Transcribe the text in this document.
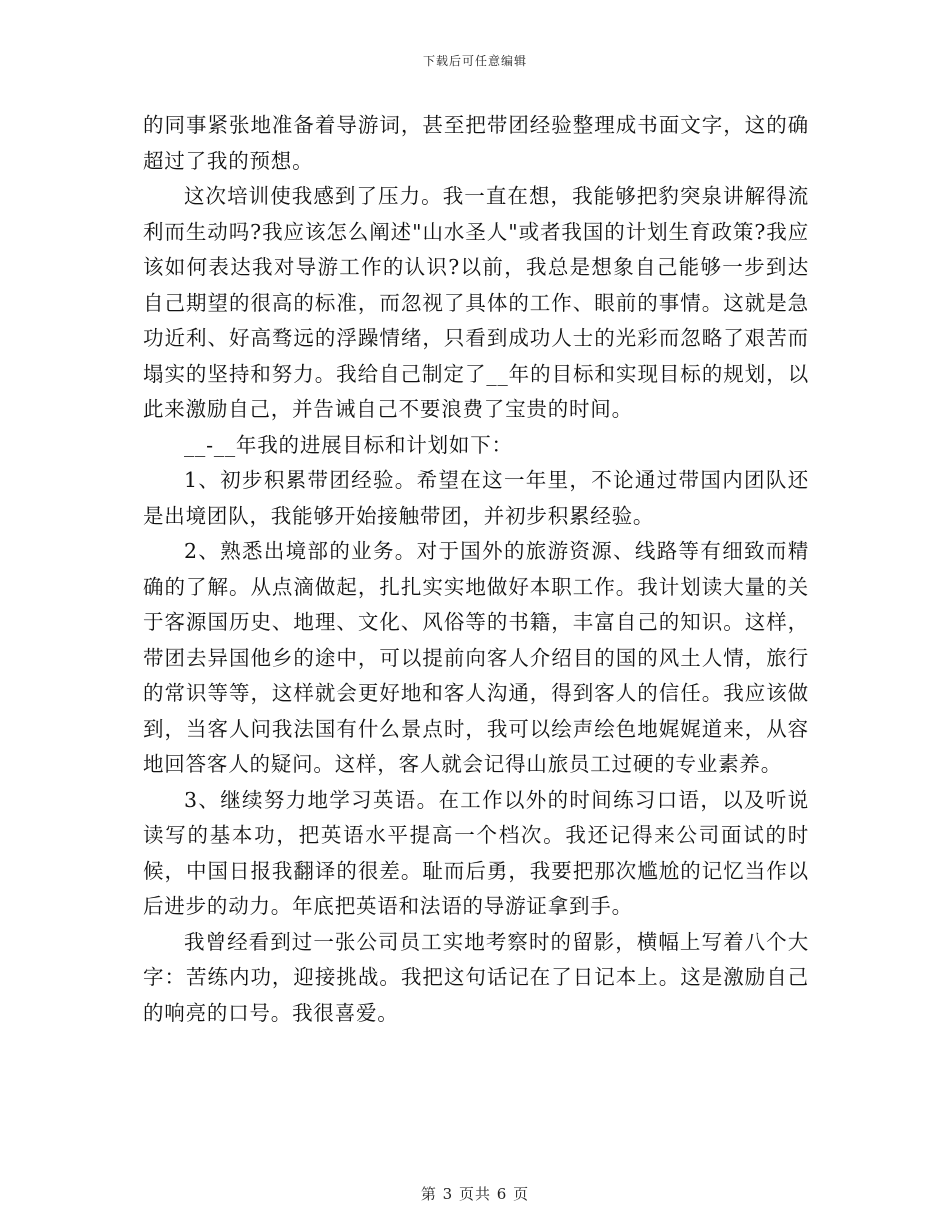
下载后可任意编辑

的同事紧张地准备着导游词，甚至把带团经验整理成书面文字，这的确超过了我的预想。

这次培训使我感到了压力。我一直在想，我能够把豹突泉讲解得流利而生动吗?我应该怎么阐述"山水圣人"或者我国的计划生育政策?我应该如何表达我对导游工作的认识?以前，我总是想象自己能够一步到达自己期望的很高的标准，而忽视了具体的工作、眼前的事情。这就是急功近利、好高骛远的浮躁情绪，只看到成功人士的光彩而忽略了艰苦而塌实的坚持和努力。我给自己制定了__年的目标和实现目标的规划，以此来激励自己，并告诫自己不要浪费了宝贵的时间。

__-__年我的进展目标和计划如下：

1、初步积累带团经验。希望在这一年里，不论通过带国内团队还是出境团队，我能够开始接触带团，并初步积累经验。

2、熟悉出境部的业务。对于国外的旅游资源、线路等有细致而精确的了解。从点滴做起，扎扎实实地做好本职工作。我计划读大量的关于客源国历史、地理、文化、风俗等的书籍，丰富自己的知识。这样，带团去异国他乡的途中，可以提前向客人介绍目的国的风土人情，旅行的常识等等，这样就会更好地和客人沟通，得到客人的信任。我应该做到，当客人问我法国有什么景点时，我可以绘声绘色地娓娓道来，从容地回答客人的疑问。这样，客人就会记得山旅员工过硬的专业素养。

3、继续努力地学习英语。在工作以外的时间练习口语，以及听说读写的基本功，把英语水平提高一个档次。我还记得来公司面试的时候，中国日报我翻译的很差。耻而后勇，我要把那次尴尬的记忆当作以后进步的动力。年底把英语和法语的导游证拿到手。

我曾经看到过一张公司员工实地考察时的留影，横幅上写着八个大字：苦练内功，迎接挑战。我把这句话记在了日记本上。这是激励自己的响亮的口号。我很喜爱。

第 3 页共 6 页
